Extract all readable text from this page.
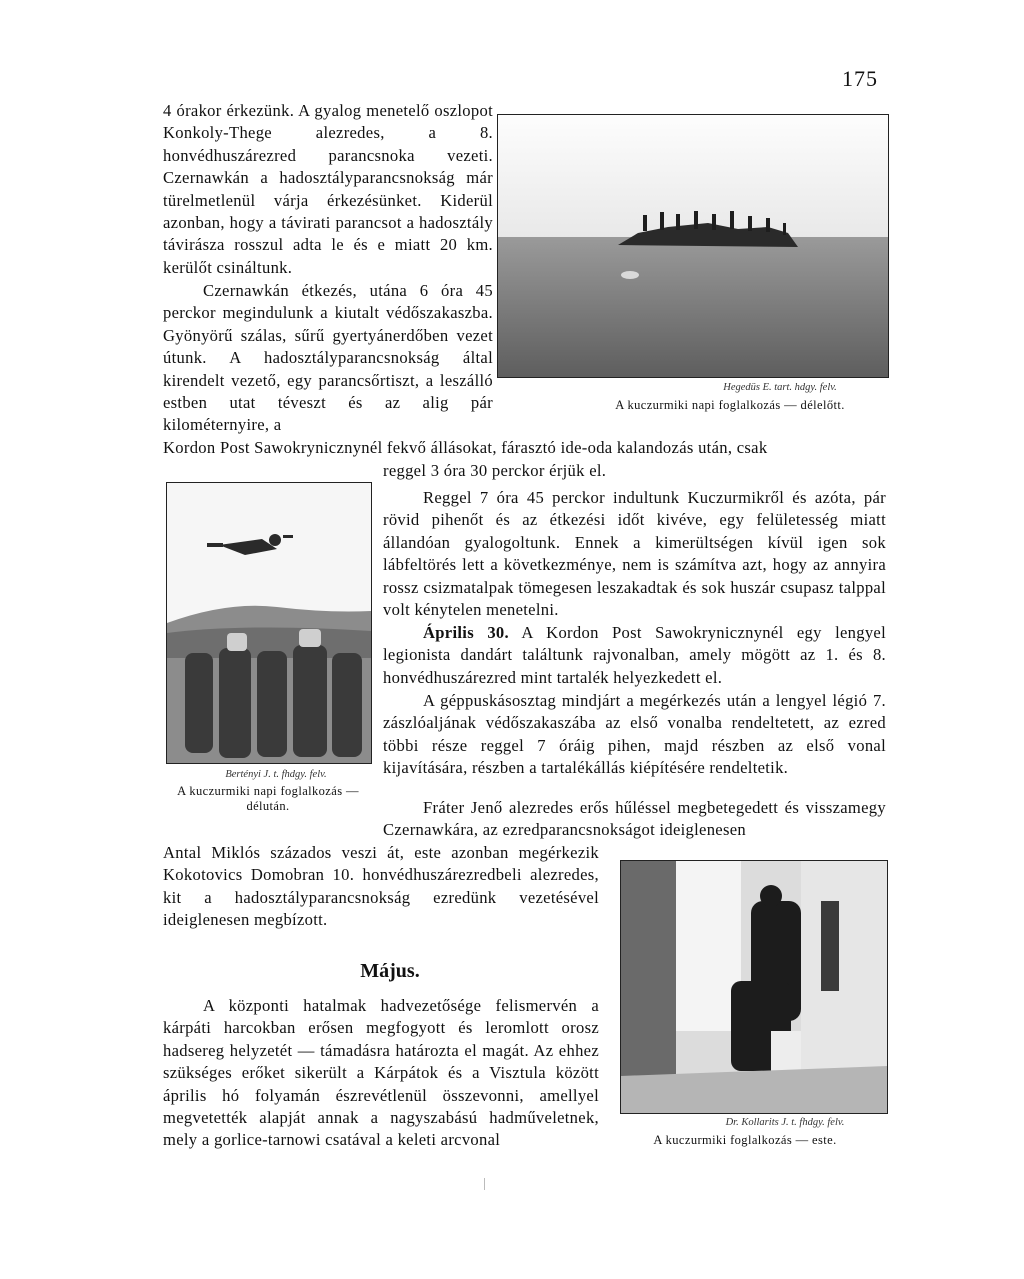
175

4 órakor érkezünk. A gyalog menetelő oszlopot Konkoly-Thege alezredes, a 8. honvédhuszárezred parancsnoka vezeti. Czernawkán a hadosztályparancsnokság már türelmetlenül várja érkezésünket. Kiderül azonban, hogy a távirati parancsot a hadosztály távirásza rosszul adta le és e miatt 20 km. kerülőt csináltunk.

Czernawkán étkezés, utána 6 óra 45 perckor megindulunk a kiutalt védőszakaszba. Gyönyörű szálas, sűrű gyertyánerdőben vezet útunk. A hadosztályparancsnokság által kirendelt vezető, egy parancsőrtiszt, a leszálló estben utat téveszt és az alig pár kilométernyire, a

Kordon Post Sawokrynicznynél fekvő állásokat, fárasztó ide-oda kalandozás után, csak

reggel 3 óra 30 perckor érjük el.

Reggel 7 óra 45 perckor indultunk Kuczurmikről és azóta, pár rövid pihenőt és az étkezési időt kivéve, egy felületesség miatt állandóan gyalogoltunk. Ennek a kimerültségen kívül igen sok lábfeltörés lett a következménye, nem is számítva azt, hogy az annyira rossz csizmatalpak tömegesen leszakadtak és sok huszár csupasz talppal volt kénytelen menetelni.

Április 30. A Kordon Post Sawokrynicznynél egy lengyel legionista dandárt találtunk rajvonalban, amely mögött az 1. és 8. honvédhuszárezred mint tartalék helyezkedett el.

A géppuskásosztag mindjárt a megérkezés után a lengyel légió 7. zászlóaljának védőszakaszába az első vonalba rendeltetett, az ezred többi része reggel 7 óráig pihen, majd részben az első vonal kijavítására, részben a tartalékállás kiépítésére rendeltetik.

Fráter Jenő alezredes erős hűléssel megbetegedett és visszamegy Czernawkára, az ezredparancsnokságot ideiglenesen

Antal Miklós százados veszi át, este azonban megérkezik Kokotovics Domobran 10. honvédhuszárezredbeli alezredes, kit a hadosztályparancsnokság ezredünk vezetésével ideiglenesen megbízott.

Május.

A központi hatalmak hadvezetősége felismervén a kárpáti harcokban erősen megfogyott és leromlott orosz hadsereg helyzetét — támadásra határozta el magát. Az ehhez szükséges erőket sikerült a Kárpátok és a Visztula között április hó folyamán észrevétlenül összevonni, amellyel megvetették alapját annak a nagyszabású hadműveletnek, mely a gorlice-tarnowi csatával a keleti arcvonal

Hegedüs E. tart. hdgy. felv.
A kuczurmiki napi foglalkozás — délelőtt.
Bertényi J. t. fhdgy. felv.
A kuczurmiki napi foglalkozás — délután.
Dr. Kollarits J. t. fhdgy. felv.
A kuczurmiki foglalkozás — este.
